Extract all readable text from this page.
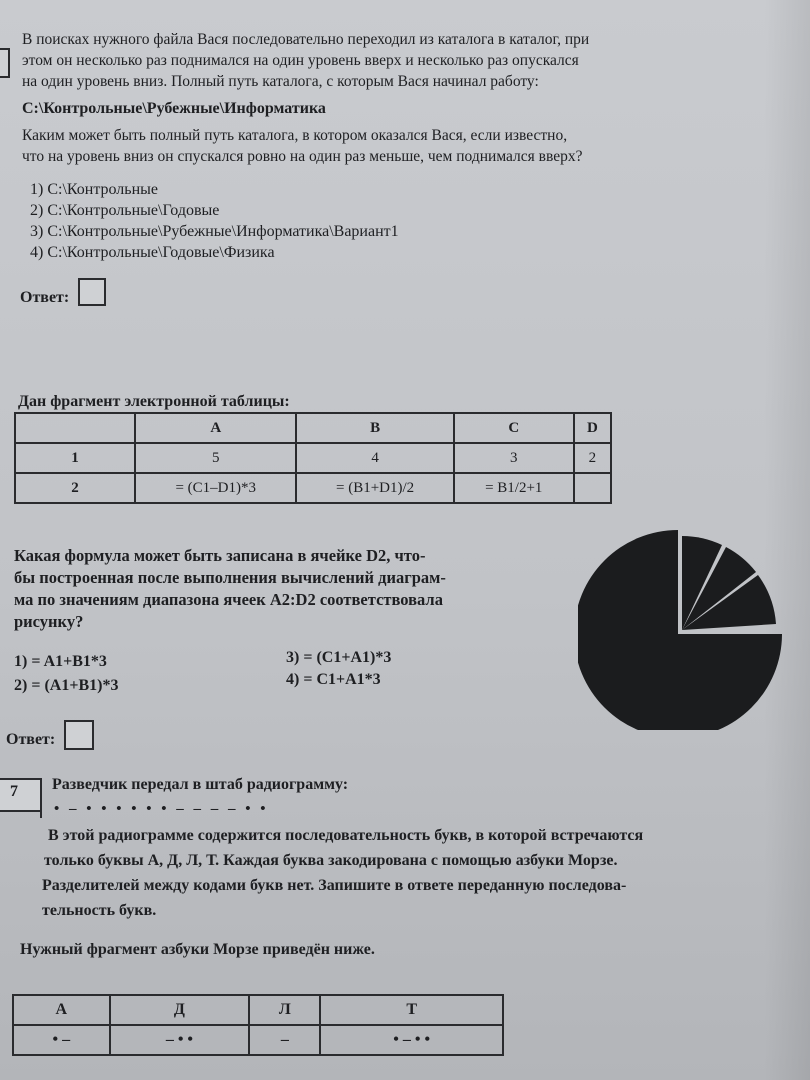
В поисках нужного файла Вася последовательно переходил из каталога в каталог, при
этом он несколько раз поднимался на один уровень вверх и несколько раз опускался
на один уровень вниз. Полный путь каталога, с которым Вася начинал работу:
C:\Контрольные\Рубежные\Информатика
Каким может быть полный путь каталога, в котором оказался Вася, если известно,
что на уровень вниз он спускался ровно на один раз меньше, чем поднимался вверх?
1) C:\Контрольные
2) C:\Контрольные\Годовые
3) C:\Контрольные\Рубежные\Информатика\Вариант1
4) C:\Контрольные\Годовые\Физика
Ответ:
Дан фрагмент электронной таблицы:
	A	B	C	D
1	5	4	3	2
2	= (C1–D1)*3	= (B1+D1)/2	= B1/2+1	
Какая формула может быть записана в ячейке D2, что-
бы построенная после выполнения вычислений диаграм-
ма по значениям диапазона ячеек A2:D2 соответствовала
рисунку?
1) = A1+B1*3
2) = (A1+B1)*3
3) = (C1+A1)*3
4) = C1+A1*3
Ответ:
7 Разведчик передал в штаб радиограмму:
• – • • • • • • – – – – • •
В этой радиограмме содержится последовательность букв, в которой встречаются
только буквы А, Д, Л, Т. Каждая буква закодирована с помощью азбуки Морзе.
Разделителей между кодами букв нет. Запишите в ответе переданную последова-
тельность букв.
Нужный фрагмент азбуки Морзе приведён ниже.
А	Д	Л	Т
• –	– • •	–	• – • •
